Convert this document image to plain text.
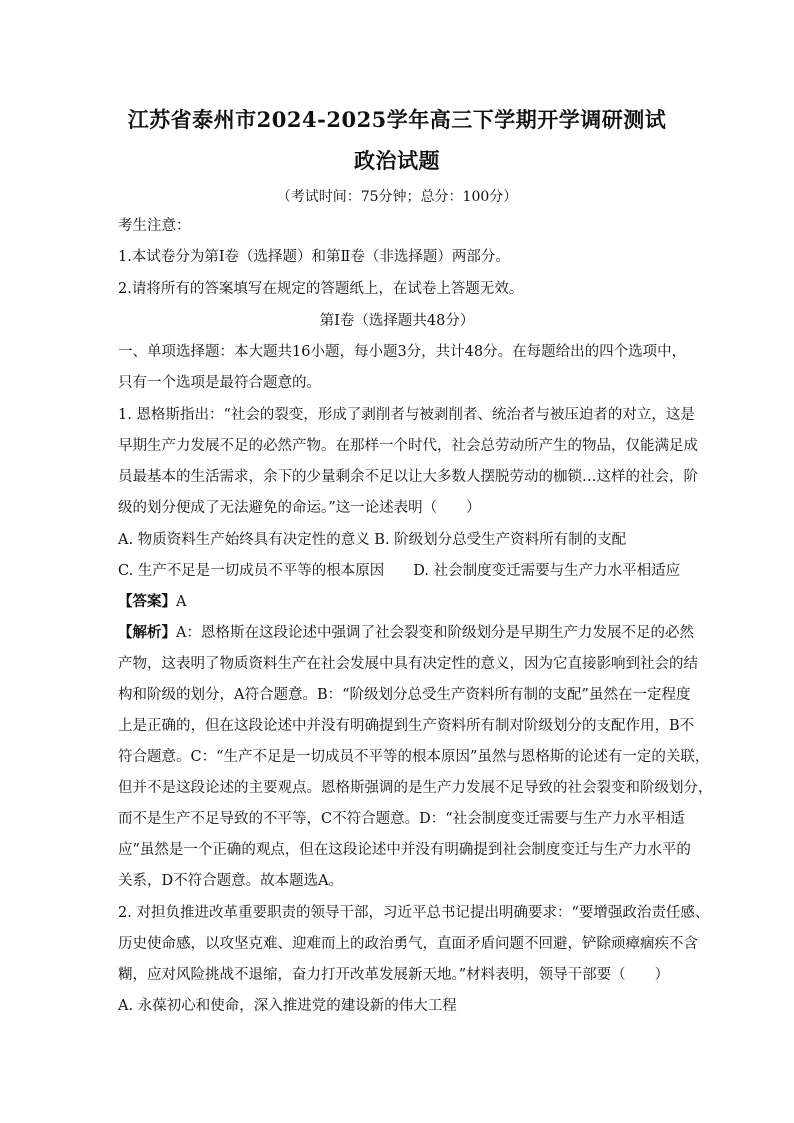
江苏省泰州市2024-2025学年高三下学期开学调研测试
政治试题
（考试时间：75分钟；总分：100分）
考生注意：
1.本试卷分为第Ⅰ卷（选择题）和第Ⅱ卷（非选择题）两部分。
2.请将所有的答案填写在规定的答题纸上，在试卷上答题无效。
第Ⅰ卷（选择题共48分）
一、单项选择题：本大题共16小题，每小题3分，共计48分。在每题给出的四个选项中，
只有一个选项是最符合题意的。
1. 恩格斯指出：“社会的裂变，形成了剥削者与被剥削者、统治者与被压迫者的对立，这是
早期生产力发展不足的必然产物。在那样一个时代，社会总劳动所产生的物品，仅能满足成
员最基本的生活需求，余下的少量剩余不足以让大多数人摆脱劳动的枷锁…这样的社会，阶
级的划分便成了无法避免的命运。”这一论述表明（　　）
A. 物质资料生产始终具有决定性的意义 B. 阶级划分总受生产资料所有制的支配
C. 生产不足是一切成员不平等的根本原因　　D. 社会制度变迁需要与生产力水平相适应
【答案】A
【解析】A：恩格斯在这段论述中强调了社会裂变和阶级划分是早期生产力发展不足的必然
产物，这表明了物质资料生产在社会发展中具有决定性的意义，因为它直接影响到社会的结
构和阶级的划分，A符合题意。B：“阶级划分总受生产资料所有制的支配”虽然在一定程度
上是正确的，但在这段论述中并没有明确提到生产资料所有制对阶级划分的支配作用，B不
符合题意。C：“生产不足是一切成员不平等的根本原因”虽然与恩格斯的论述有一定的关联，
但并不是这段论述的主要观点。恩格斯强调的是生产力发展不足导致的社会裂变和阶级划分，
而不是生产不足导致的不平等，C不符合题意。D：“社会制度变迁需要与生产力水平相适
应”虽然是一个正确的观点，但在这段论述中并没有明确提到社会制度变迁与生产力水平的
关系，D不符合题意。故本题选A。
2. 对担负推进改革重要职责的领导干部，习近平总书记提出明确要求：“要增强政治责任感、
历史使命感，以攻坚克难、迎难而上的政治勇气，直面矛盾问题不回避，铲除顽瘴痼疾不含
糊，应对风险挑战不退缩，奋力打开改革发展新天地。”材料表明，领导干部要（　　）
A. 永葆初心和使命，深入推进党的建设新的伟大工程
